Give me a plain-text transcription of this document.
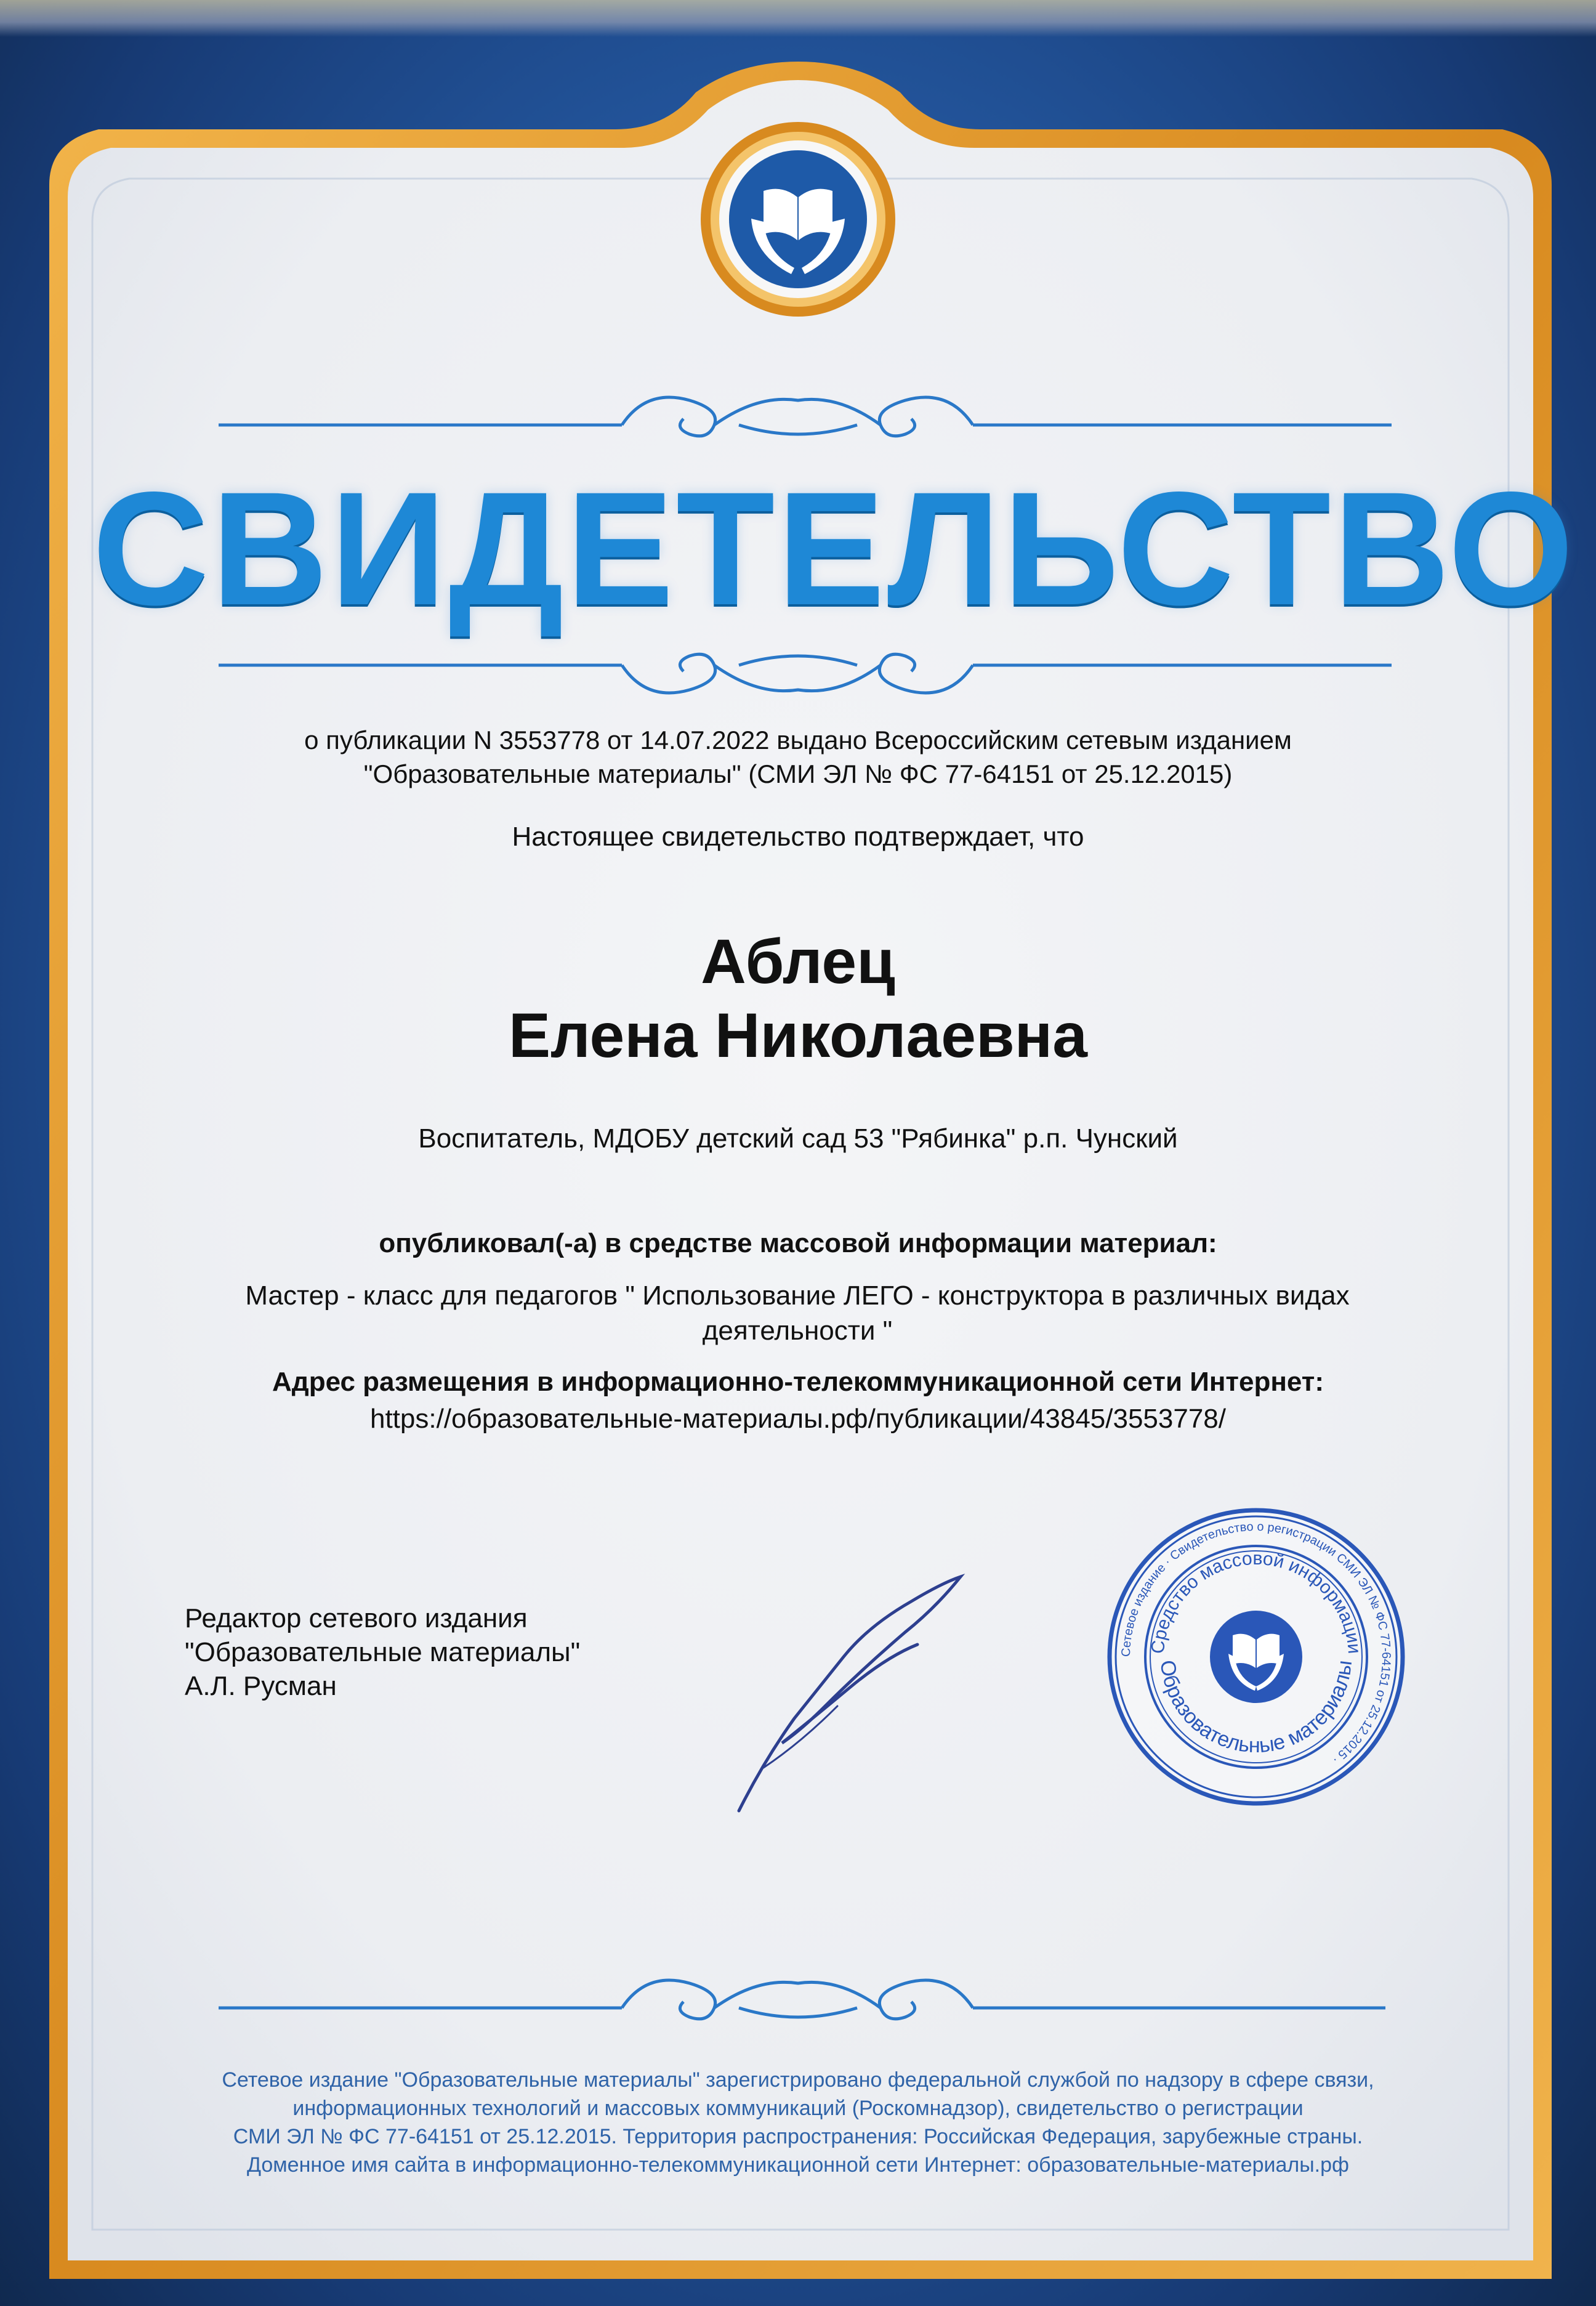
СВИДЕТЕЛЬСТВО
о публикации N 3553778 от 14.07.2022 выдано Всероссийским сетевым изданием
"Образовательные материалы" (СМИ ЭЛ № ФС 77-64151 от 25.12.2015)
Настоящее свидетельство подтверждает, что
Аблец
Елена Николаевна
Воспитатель, МДОБУ детский сад 53 "Рябинка" р.п. Чунский
опубликовал(-а) в средстве массовой информации материал:
Мастер - класс для педагогов " Использование ЛЕГО - конструктора в различных видах
деятельности "
Адрес размещения в информационно-телекоммуникационной сети Интернет:
https://образовательные-материалы.рф/публикации/43845/3553778/
Редактор сетевого издания
"Образовательные материалы"
А.Л. Русман
Сетевое издание "Образовательные материалы" зарегистрировано федеральной службой по надзору в сфере связи,
информационных технологий и массовых коммуникаций (Роскомнадзор), свидетельство о регистрации
СМИ ЭЛ № ФС 77-64151 от 25.12.2015. Территория распространения: Российская Федерация, зарубежные страны.
Доменное имя сайта в информационно-телекоммуникационной сети Интернет: образовательные-материалы.рф
Сетевое издание · Свидетельство о регистрации СМИ ЭЛ № ФС 77-64151 от 25.12.2015 ·
Средство массовой информации
Образовательные материалы
